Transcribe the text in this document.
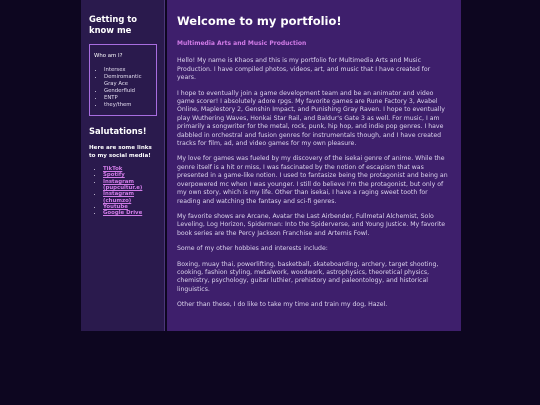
Getting to know me

Who am I?

• Intersex
• Demiromantic Gray Ace
• Genderfluid
• ENTP
• they/them
Salutations!

Here are some links to my social media!

• TikTok
• Spotify
• Instagram (pupcultur.e)
• Instagram (chumzo)
• Youtube
• Google Drive
Welcome to my portfolio!

Multimedia Arts and Music Production

Hello! My name is Khaos and this is my portfolio for Multimedia Arts and Music Production. I have compiled photos, videos, art, and music that I have created for years.

I hope to eventually join a game development team and be an animator and video game scorer! I absolutely adore rpgs. My favorite games are Rune Factory 3, Avabel Online, Maplestory 2, Genshin Impact, and Punishing Gray Raven. I hope to eventually play Wuthering Waves, Honkai Star Rail, and Baldur's Gate 3 as well. For music, I am primarily a songwriter for the metal, rock, punk, hip hop, and indie pop genres. I have dabbled in orchestral and fusion genres for instrumentals though, and I have created tracks for film, ad, and video games for my own pleasure.

My love for games was fueled by my discovery of the isekai genre of anime. While the genre itself is a hit or miss, I was fascinated by the notion of escapism that was presented in a game-like notion. I used to fantasize being the protagonist and being an overpowered mc when I was younger. I still do believe I'm the protagonist, but only of my own story, which is my life. Other than isekai, I have a raging sweet tooth for reading and watching the fantasy and sci-fi genres.

My favorite shows are Arcane, Avatar the Last Airbender, Fullmetal Alchemist, Solo Leveling, Log Horizon, Spiderman: Into the Spiderverse, and Young Justice. My favorite book series are the Percy Jackson Franchise and Artemis Fowl.

Some of my other hobbies and interests include:

Boxing, muay thai, powerlifting, basketball, skateboarding, archery, target shooting, cooking, fashion styling, metalwork, woodwork, astrophysics, theoretical physics, chemistry, psychology, guitar luthier, prehistory and paleontology, and historical linguistics.

Other than these, I do like to take my time and train my dog, Hazel.
